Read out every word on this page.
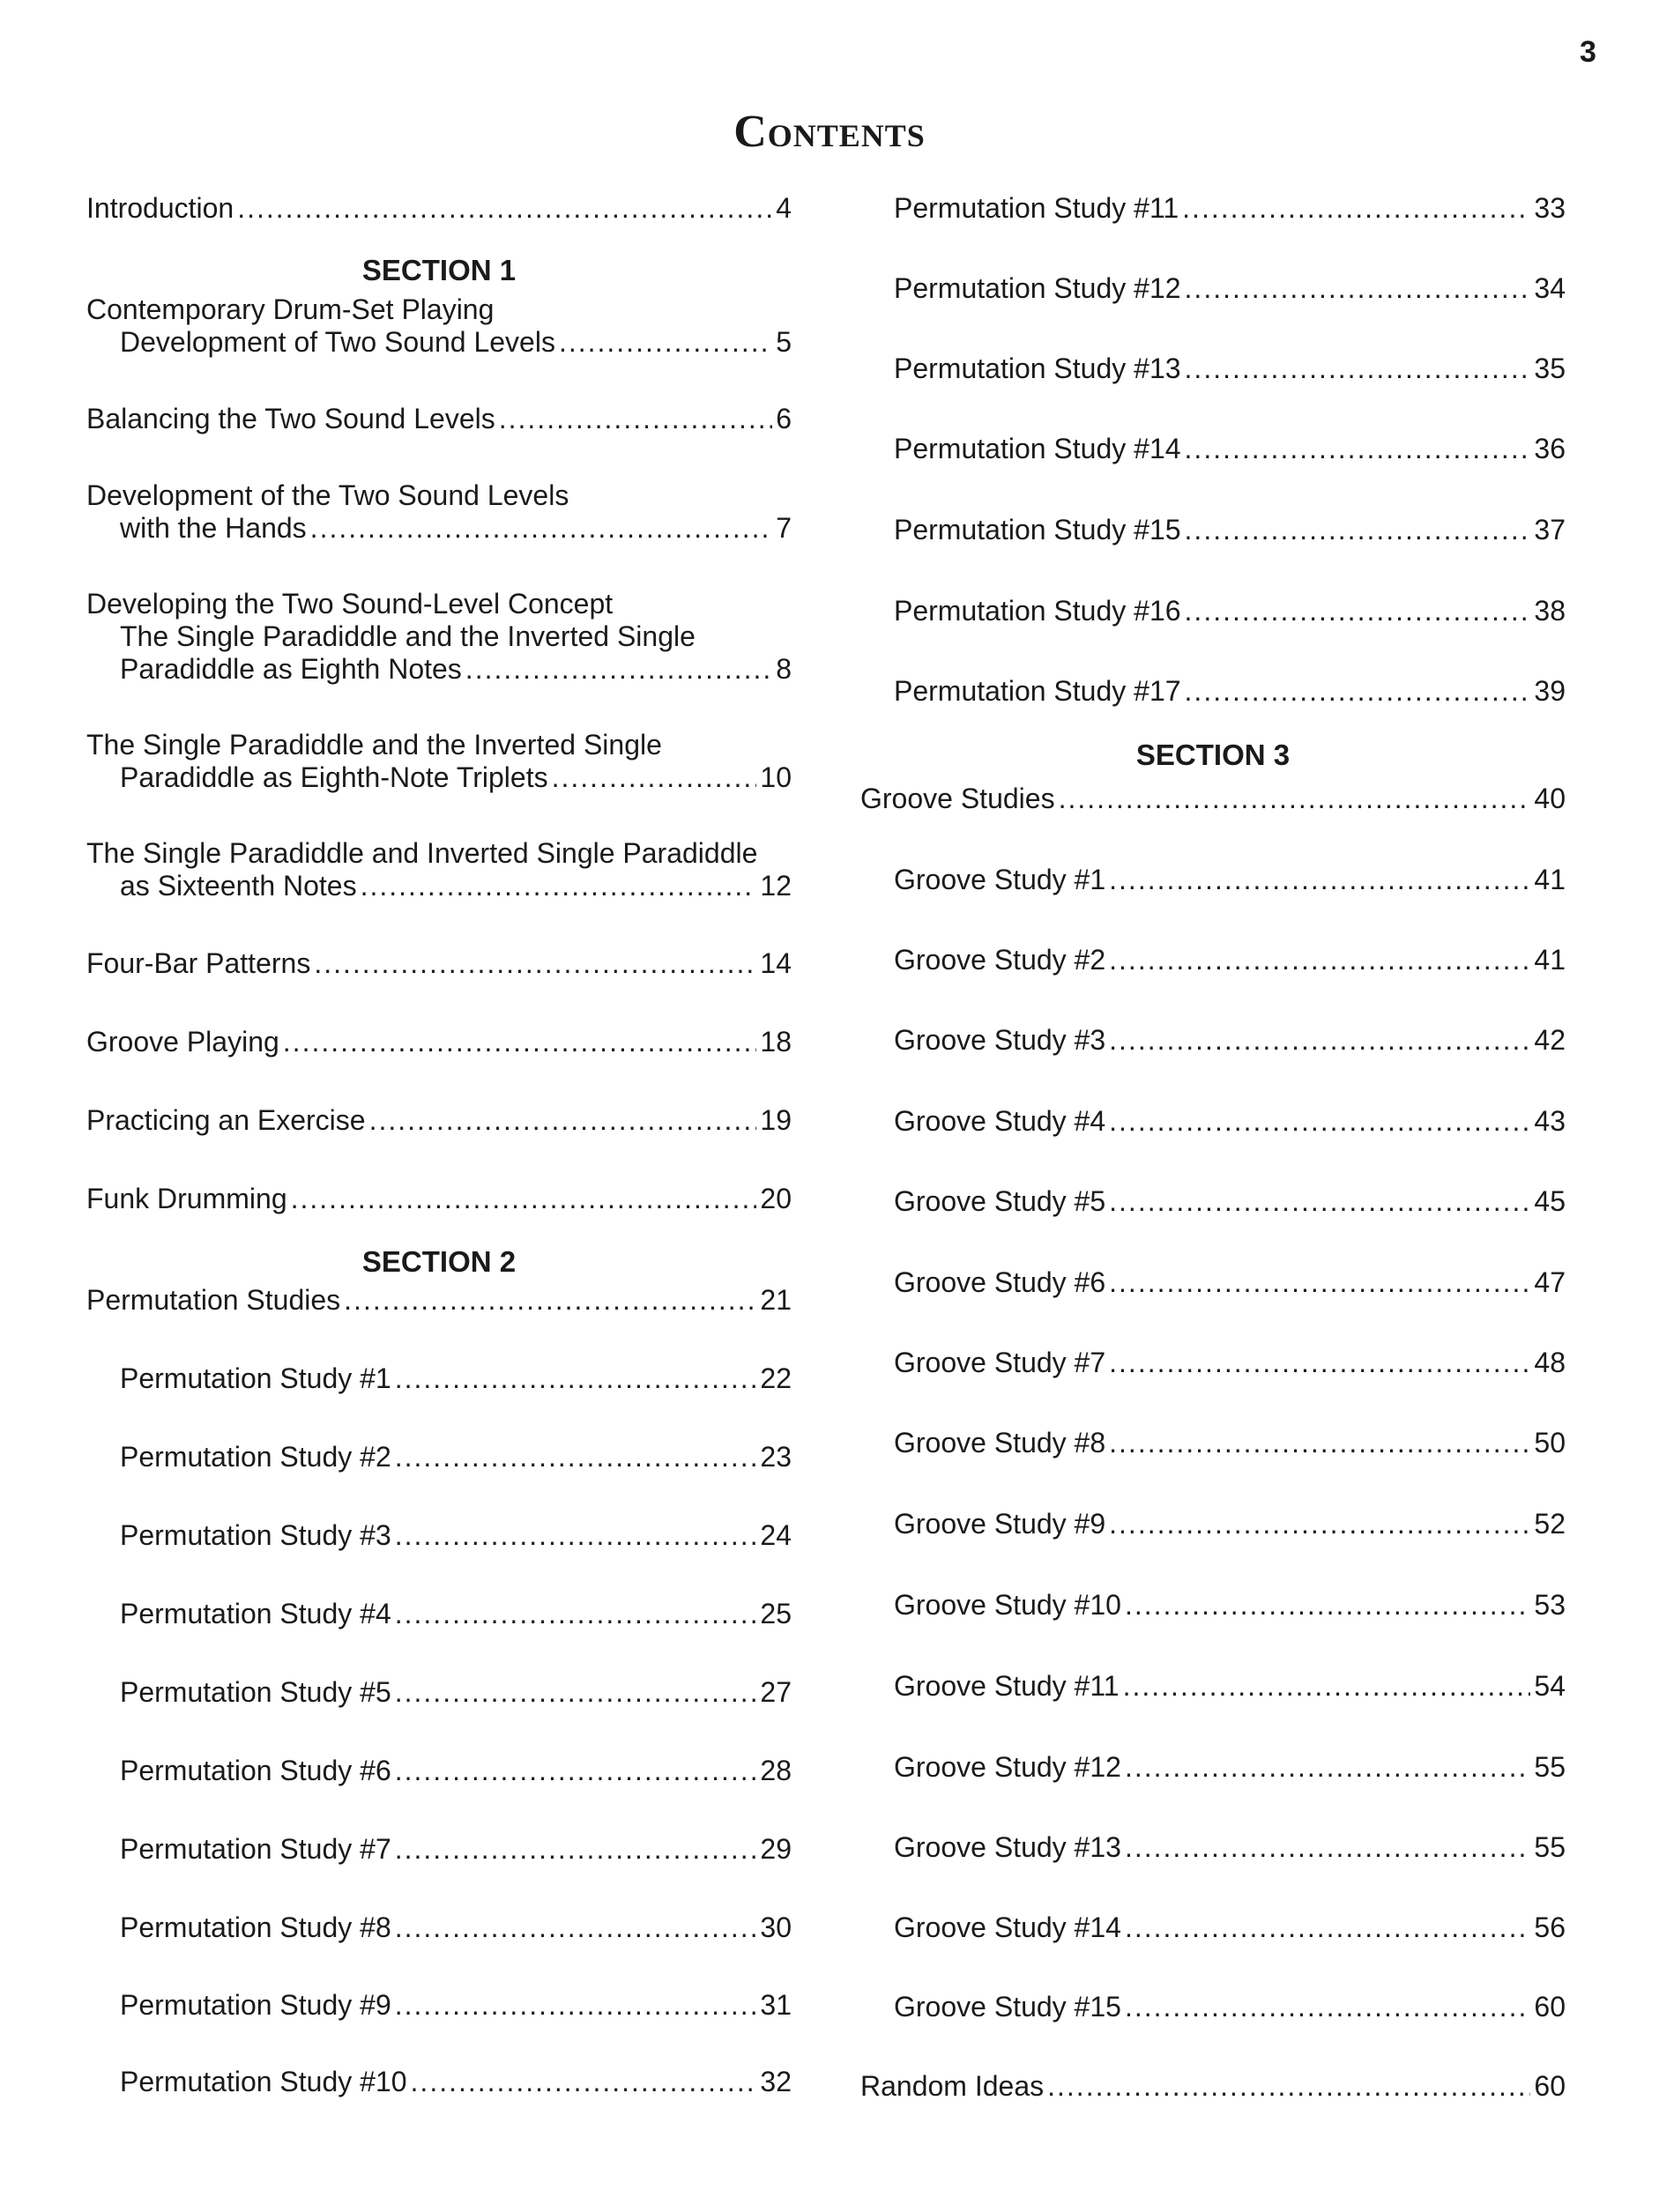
3
Contents
Introduction .....	4
SECTION 1
Contemporary Drum-Set Playing
Development of Two Sound Levels .....	5
Balancing the Two Sound Levels .....	6
Development of the Two Sound Levels
with the Hands .....	7
Developing the Two Sound-Level Concept
The Single Paradiddle and the Inverted Single
Paradiddle as Eighth Notes .....	8
The Single Paradiddle and the Inverted Single
Paradiddle as Eighth-Note Triplets .....	10
The Single Paradiddle and Inverted Single Paradiddle
as Sixteenth Notes .....	12
Four-Bar Patterns .....	14
Groove Playing .....	18
Practicing an Exercise .....	19
Funk Drumming .....	20
SECTION 2
Permutation Studies .....	21
Permutation Study #1 .....	22
Permutation Study #2 .....	23
Permutation Study #3 .....	24
Permutation Study #4 .....	25
Permutation Study #5 .....	27
Permutation Study #6 .....	28
Permutation Study #7 .....	29
Permutation Study #8 .....	30
Permutation Study #9 .....	31
Permutation Study #10 .....	32
Permutation Study #11 .....	33
Permutation Study #12 .....	34
Permutation Study #13 .....	35
Permutation Study #14 .....	36
Permutation Study #15 .....	37
Permutation Study #16 .....	38
Permutation Study #17 .....	39
SECTION 3
Groove Studies .....	40
Groove Study #1 .....	41
Groove Study #2 .....	41
Groove Study #3 .....	42
Groove Study #4 .....	43
Groove Study #5 .....	45
Groove Study #6 .....	47
Groove Study #7 .....	48
Groove Study #8 .....	50
Groove Study #9 .....	52
Groove Study #10 .....	53
Groove Study #11 .....	54
Groove Study #12 .....	55
Groove Study #13 .....	55
Groove Study #14 .....	56
Groove Study #15 .....	60
Random Ideas .....	60
